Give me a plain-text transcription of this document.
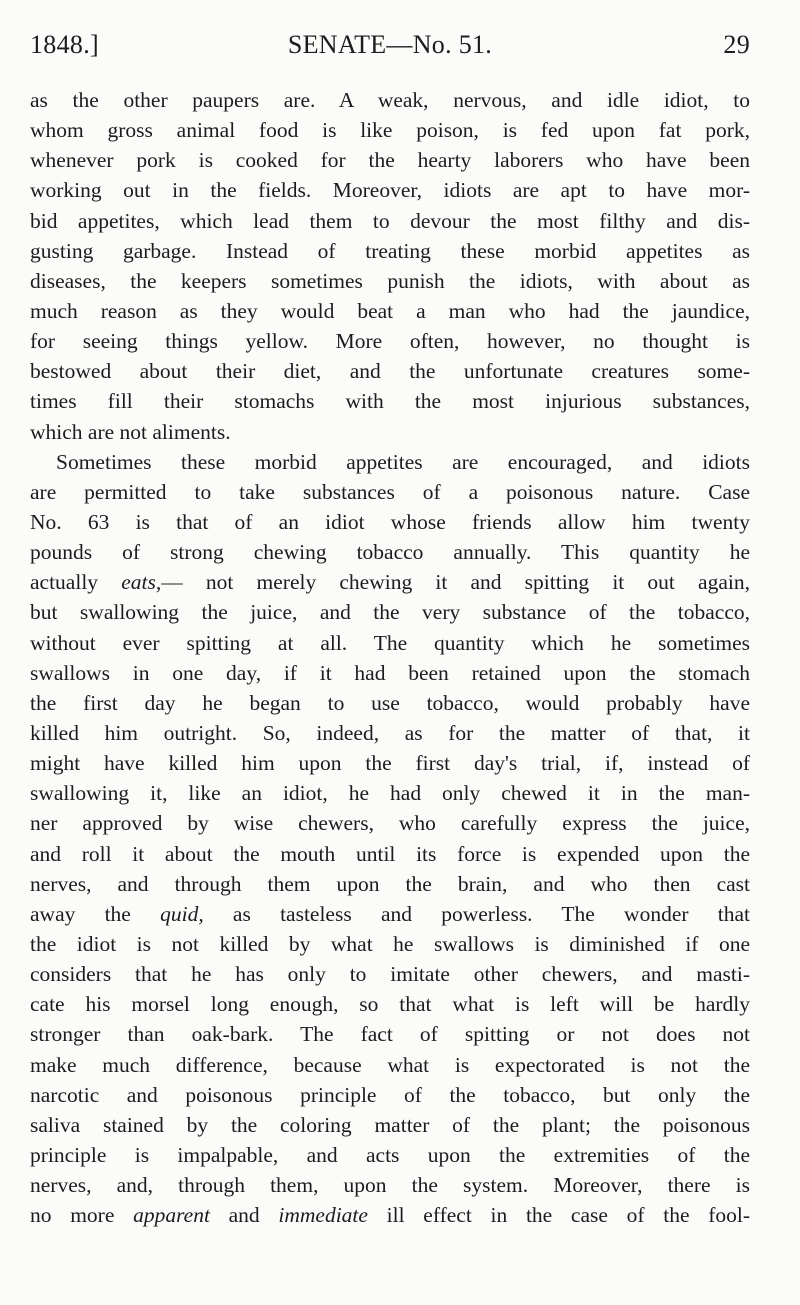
1848.]	SENATE—No. 51.	29
as the other paupers are. A weak, nervous, and idle idiot, to
whom gross animal food is like poison, is fed upon fat pork,
whenever pork is cooked for the hearty laborers who have been
working out in the fields. Moreover, idiots are apt to have mor-
bid appetites, which lead them to devour the most filthy and dis-
gusting garbage. Instead of treating these morbid appetites as
diseases, the keepers sometimes punish the idiots, with about as
much reason as they would beat a man who had the jaundice,
for seeing things yellow. More often, however, no thought is
bestowed about their diet, and the unfortunate creatures some-
times fill their stomachs with the most injurious substances,
which are not aliments.
Sometimes these morbid appetites are encouraged, and idiots
are permitted to take substances of a poisonous nature. Case
No. 63 is that of an idiot whose friends allow him twenty
pounds of strong chewing tobacco annually. This quantity he
actually eats,— not merely chewing it and spitting it out again,
but swallowing the juice, and the very substance of the tobacco,
without ever spitting at all. The quantity which he sometimes
swallows in one day, if it had been retained upon the stomach
the first day he began to use tobacco, would probably have
killed him outright. So, indeed, as for the matter of that, it
might have killed him upon the first day's trial, if, instead of
swallowing it, like an idiot, he had only chewed it in the man-
ner approved by wise chewers, who carefully express the juice,
and roll it about the mouth until its force is expended upon the
nerves, and through them upon the brain, and who then cast
away the quid, as tasteless and powerless. The wonder that
the idiot is not killed by what he swallows is diminished if one
considers that he has only to imitate other chewers, and masti-
cate his morsel long enough, so that what is left will be hardly
stronger than oak-bark. The fact of spitting or not does not
make much difference, because what is expectorated is not the
narcotic and poisonous principle of the tobacco, but only the
saliva stained by the coloring matter of the plant; the poisonous
principle is impalpable, and acts upon the extremities of the
nerves, and, through them, upon the system. Moreover, there is
no more apparent and immediate ill effect in the case of the fool-
